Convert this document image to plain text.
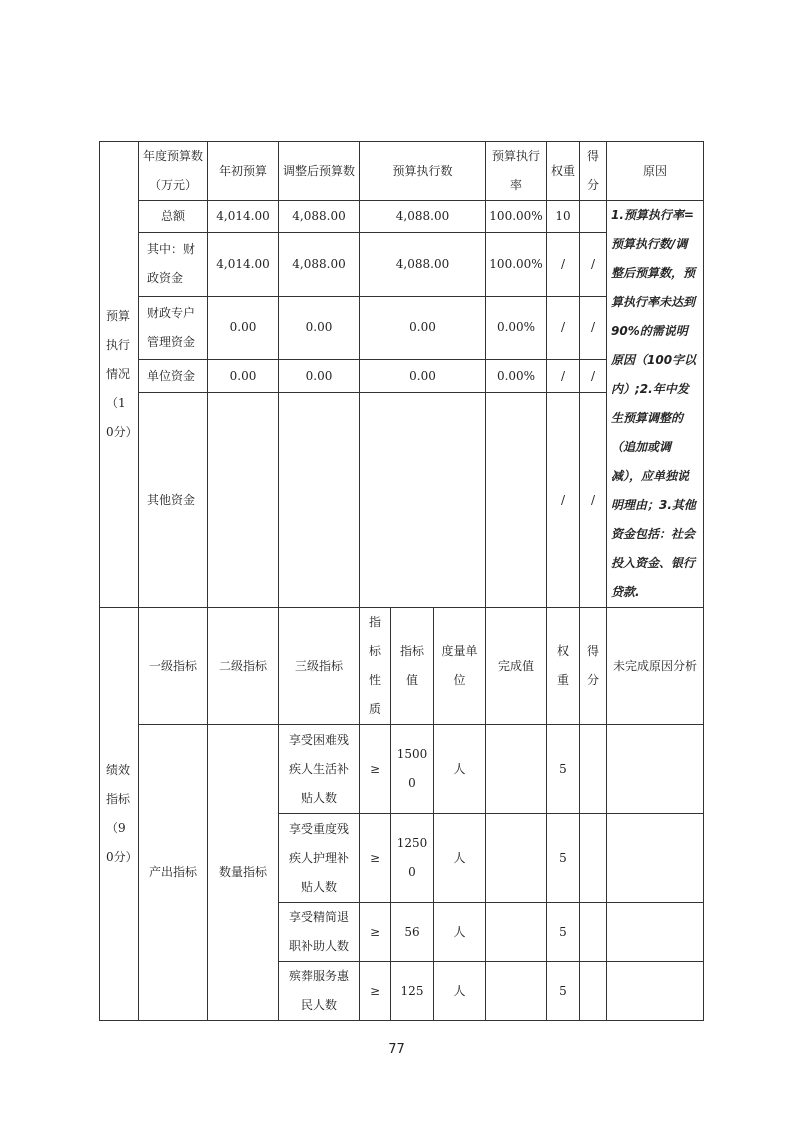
预算执行情况（10分）	年度预算数（万元）	年初预算	调整后预算数	预算执行数			预算执行率	权重	得分	原因
	总额	4,014.00	4,088.00	4,088.00			100.00%	10		1.预算执行率=预算执行数/调整后预算数，预算执行率未达到90%的需说明原因（100字以内）;2.年中发生预算调整的（追加或调减），应单独说明理由；3.其他资金包括：社会投入资金、银行贷款.
	其中：财政资金	4,014.00	4,088.00	4,088.00			100.00%	/	/	
	财政专户管理资金	0.00	0.00	0.00			0.00%	/	/	
	单位资金	0.00	0.00	0.00			0.00%	/	/	
	其他资金							/	/	
绩效指标（90分）	一级指标	二级指标	三级指标	指标性质	指标值	度量单位	完成值	权重	得分	未完成原因分析
	产出指标	数量指标	享受困难残疾人生活补贴人数	≥	15000	人		5		
			享受重度残疾人护理补贴人数	≥	12500	人		5		
			享受精简退职补助人数	≥	56	人		5		
			殡葬服务惠民人数	≥	125	人		5		
77
